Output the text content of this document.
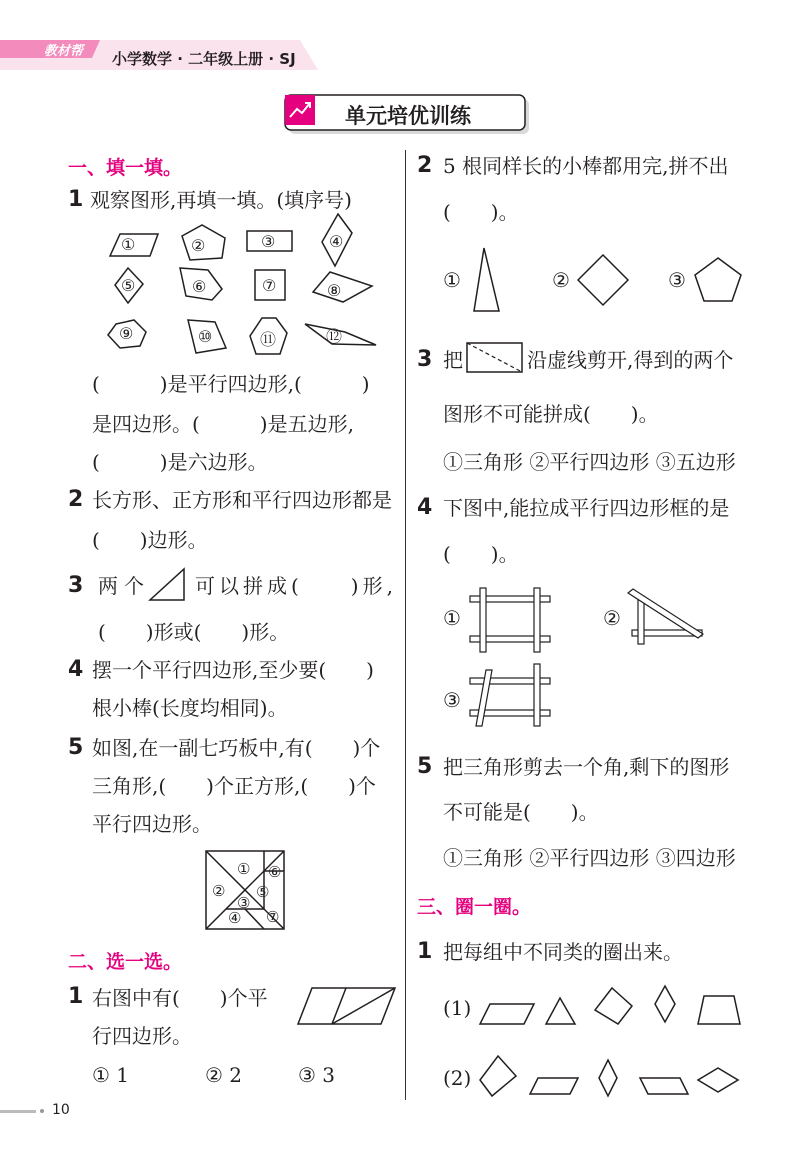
教材帮 小学数学 · 二年级上册 · SJ
单元培优训练
一、填一填。
1 观察图形,再填一填。(填序号)
①	②	③	④
⑤	⑥	⑦	⑧
⑨	⑩	⑪	⑫
(　　　)是平行四边形,(　　　)
是四边形。(　　　)是五边形,
(　　　)是六边形。
2 长方形、正方形和平行四边形都是
(　　)边形。
3 两个 可以拼成(　　)形,
(　　)形或(　　)形。
4 摆一个平行四边形,至少要(　　)
根小棒(长度均相同)。
5 如图,在一副七巧板中,有(　　)个
三角形,(　　)个正方形,(　　)个
平行四边形。
①
②
③
④
⑤
⑥
⑦
二、选一选。
1 右图中有(　　)个平
行四边形。
① 1	② 2	③ 3
2 5 根同样长的小棒都用完,拼不出
(　　)。
①	②	③
3 把	沿虚线剪开,得到的两个
图形不可能拼成(　　)。
①三角形 ②平行四边形 ③五边形
4 下图中,能拉成平行四边形框的是
(　　)。
①	②
③
5 把三角形剪去一个角,剩下的图形
不可能是(　　)。
①三角形 ②平行四边形 ③四边形
三、圈一圈。
1 把每组中不同类的圈出来。
(1)
(2)
10
